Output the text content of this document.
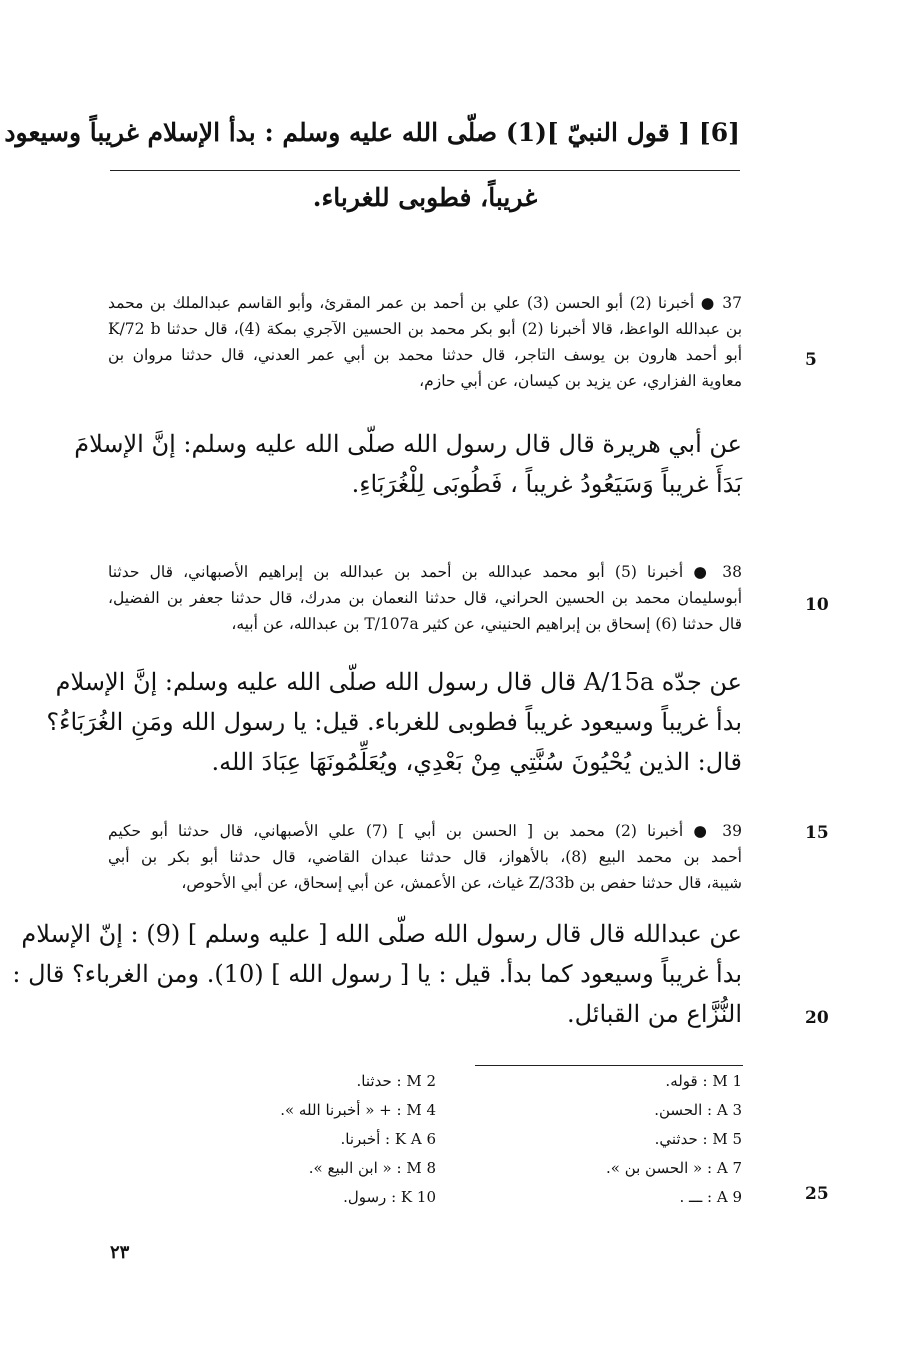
[6] [ قول النبيّ ](1) صلّى الله عليه وسلم : بدأ الإسلام غريباً وسيعود
غريباً، فطوبى للغرباء.
37 ● أخبرنا (2) أبو الحسن (3) علي بن أحمد بن عمر المقرئ، وأبو القاسم عبدالملك بن محمد
بن عبدالله الواعظ، قالا أخبرنا (2) أبو بكر محمد بن الحسين الآجري بمكة (4)، قال حدثنا K/72 b
أبو أحمد هارون بن يوسف التاجر، قال حدثنا محمد بن أبي عمر العدني، قال حدثنا مروان بن
معاوية الفزاري، عن يزيد بن كيسان، عن أبي حازم،
عن أبي هريرة قال قال رسول الله صلّى الله عليه وسلم: إنَّ الإسلامَ
بَدَأَ غريباً وَسَيَعُودُ غريباً ، فَطُوبَى لِلْغُرَبَاءِ.
38 ● أخبرنا (5) أبو محمد عبدالله بن أحمد بن عبدالله بن إبراهيم الأصبهاني، قال حدثنا
أبوسليمان محمد بن الحسين الحراني، قال حدثنا النعمان بن مدرك، قال حدثنا جعفر بن الفضيل،
قال حدثنا (6) إسحاق بن إبراهيم الحنيني، عن كثير T/107a بن عبدالله، عن أبيه،
عن جدّه A/15a قال قال رسول الله صلّى الله عليه وسلم: إنَّ الإسلام
بدأ غريباً وسيعود غريباً فطوبى للغرباء. قيل: يا رسول الله ومَنِ الغُرَبَاءُ؟
قال: الذين يُحْيُونَ سُنَّتِي مِنْ بَعْدِي، ويُعَلِّمُونَهَا عِبَادَ الله.
39 ● أخبرنا (2) محمد بن [ الحسن بن أبي ] (7) علي الأصبهاني، قال حدثنا أبو حكيم
أحمد بن محمد البيع (8)، بالأهواز، قال حدثنا عبدان القاضي، قال حدثنا أبو بكر بن أبي
شيبة، قال حدثنا حفص بن Z/33b غياث، عن الأعمش، عن أبي إسحاق، عن أبي الأحوص،
عن عبدالله قال قال رسول الله صلّى الله [ عليه وسلم ] (9) : إنّ الإسلام
بدأ غريباً وسيعود كما بدأ. قيل : يا [ رسول الله ] (10). ومن الغرباء؟ قال :
النُّزَّاع من القبائل.
5
10
15
20
25
1 M : قوله.
3 A : الحسن.
5 M : حدثني.
7 A : « الحسن بن ».
9 A : ـــ .
2 M : حدثنا.
4 M : + « أخبرنا الله ».
6 K A : أخبرنا.
8 M : « ابن البيع ».
10 K : رسول.
٢٣
